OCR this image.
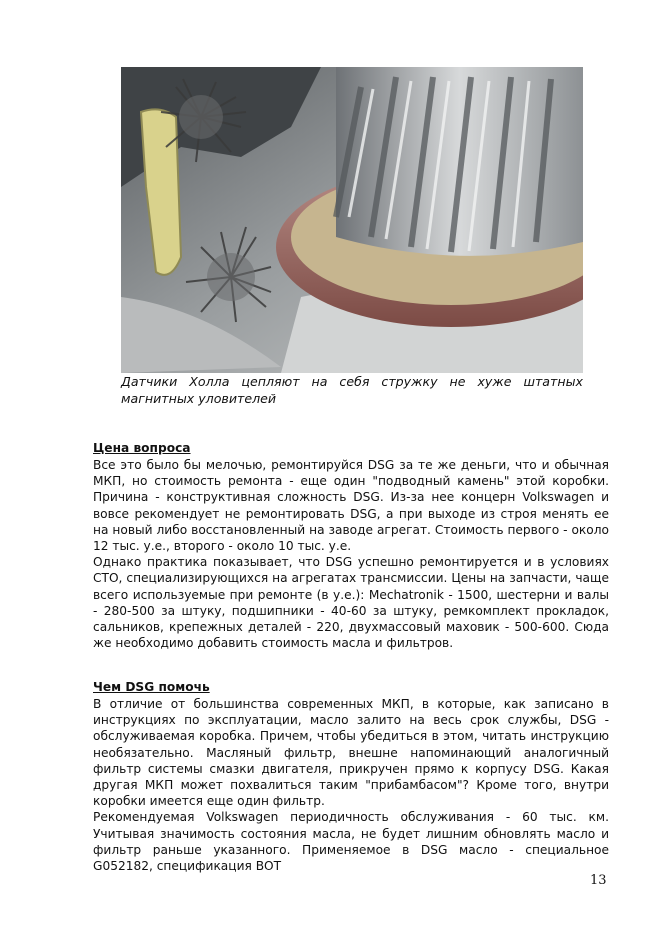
Датчики Холла цепляют на себя стружку не хуже штатных магнитных уловителей
Цена вопроса

Все это было бы мелочью, ремонтируйся DSG за те же деньги, что и обычная МКП, но стоимость ремонта - еще один "подводный камень" этой коробки. Причина - конструктивная сложность DSG. Из-за нее концерн Volkswagen и вовсе рекомендует не ремонтировать DSG, а при выходе из строя менять ее на новый либо восстановленный на заводе агрегат. Стоимость первого - около 12 тыс. у.е., второго - около 10 тыс. у.е.

Однако практика показывает, что DSG успешно ремонтируется и в условиях СТО, специализирующихся на агрегатах трансмиссии. Цены на запчасти, чаще всего используемые при ремонте (в у.е.): Mechatronik - 1500, шестерни и валы - 280-500 за штуку, подшипники - 40-60 за штуку, ремкомплект прокладок, сальников, крепежных деталей - 220, двухмассовый маховик - 500-600. Сюда же необходимо добавить стоимость масла и фильтров.

Чем DSG помочь

В отличие от большинства современных МКП, в которые, как записано в инструкциях по эксплуатации, масло залито на весь срок службы, DSG - обслуживаемая коробка. Причем, чтобы убедиться в этом, читать инструкцию необязательно. Масляный фильтр, внешне напоминающий аналогичный фильтр системы смазки двигателя, прикручен прямо к корпусу DSG. Какая другая МКП может похвалиться таким "прибамбасом"? Кроме того, внутри коробки имеется еще один фильтр.

Рекомендуемая Volkswagen периодичность обслуживания - 60 тыс. км. Учитывая значимость состояния масла, не будет лишним обновлять масло и фильтр раньше указанного. Применяемое в DSG масло - специальное G052182, спецификация ВОТ

13
